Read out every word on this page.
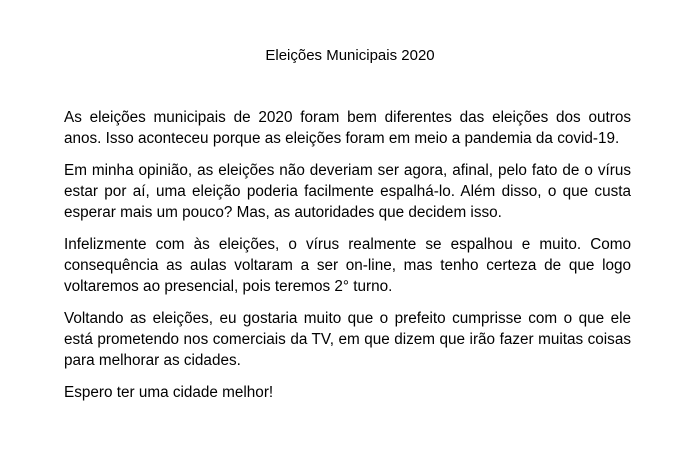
Eleições Municipais 2020

As eleições municipais de 2020 foram bem diferentes das eleições dos outros anos. Isso aconteceu porque as eleições foram em meio a pandemia da covid-19.

Em minha opinião, as eleições não deveriam ser agora, afinal, pelo fato de o vírus estar por aí, uma eleição poderia facilmente espalhá-lo. Além disso, o que custa esperar mais um pouco? Mas, as autoridades que decidem isso.

Infelizmente com às eleições, o vírus realmente se espalhou e muito. Como consequência as aulas voltaram a ser on-line, mas tenho certeza de que logo voltaremos ao presencial, pois teremos 2° turno.

Voltando as eleições, eu gostaria muito que o prefeito cumprisse com o que ele está prometendo nos comerciais da TV, em que dizem que irão fazer muitas coisas para melhorar as cidades.

Espero ter uma cidade melhor!
